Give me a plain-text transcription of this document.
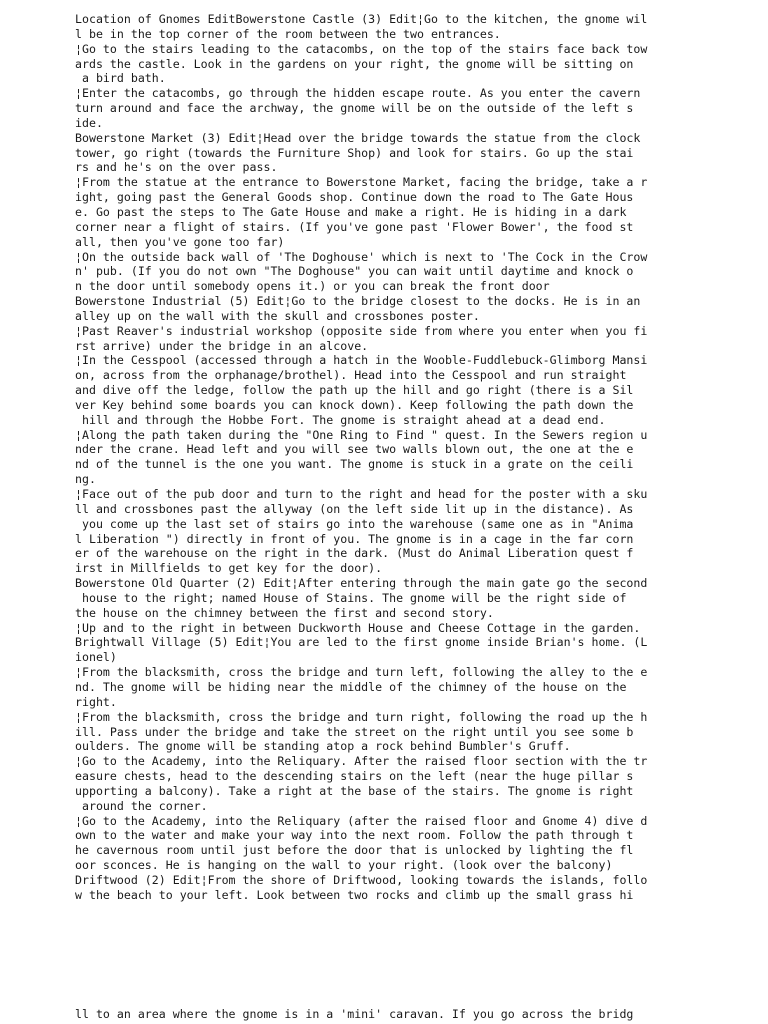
Location of Gnomes EditBowerstone Castle (3) Edit¦Go to the kitchen, the gnome wil
l be in the top corner of the room between the two entrances.
¦Go to the stairs leading to the catacombs, on the top of the stairs face back tow
ards the castle. Look in the gardens on your right, the gnome will be sitting on
a bird bath.
¦Enter the catacombs, go through the hidden escape route. As you enter the cavern
turn around and face the archway, the gnome will be on the outside of the left s
ide.
Bowerstone Market (3) Edit¦Head over the bridge towards the statue from the clock
tower, go right (towards the Furniture Shop) and look for stairs. Go up the stai
rs and he's on the over pass.
¦From the statue at the entrance to Bowerstone Market, facing the bridge, take a r
ight, going past the General Goods shop. Continue down the road to The Gate Hous
e. Go past the steps to The Gate House and make a right. He is hiding in a dark
corner near a flight of stairs. (If you've gone past 'Flower Bower', the food st
all, then you've gone too far)
¦On the outside back wall of 'The Doghouse' which is next to 'The Cock in the Crow
n' pub. (If you do not own "The Doghouse" you can wait until daytime and knock o
n the door until somebody opens it.) or you can break the front door
Bowerstone Industrial (5) Edit¦Go to the bridge closest to the docks. He is in an
alley up on the wall with the skull and crossbones poster.
¦Past Reaver's industrial workshop (opposite side from where you enter when you fi
rst arrive) under the bridge in an alcove.
¦In the Cesspool (accessed through a hatch in the Wooble-Fuddlebuck-Glimborg Mansi
on, across from the orphanage/brothel). Head into the Cesspool and run straight
and dive off the ledge, follow the path up the hill and go right (there is a Sil
ver Key behind some boards you can knock down). Keep following the path down the
hill and through the Hobbe Fort. The gnome is straight ahead at a dead end.
¦Along the path taken during the "One Ring to Find " quest. In the Sewers region u
nder the crane. Head left and you will see two walls blown out, the one at the e
nd of the tunnel is the one you want. The gnome is stuck in a grate on the ceili
ng.
¦Face out of the pub door and turn to the right and head for the poster with a sku
ll and crossbones past the allyway (on the left side lit up in the distance). As
you come up the last set of stairs go into the warehouse (same one as in "Anima
l Liberation ") directly in front of you. The gnome is in a cage in the far corn
er of the warehouse on the right in the dark. (Must do Animal Liberation quest f
irst in Millfields to get key for the door).
Bowerstone Old Quarter (2) Edit¦After entering through the main gate go the second
house to the right; named House of Stains. The gnome will be the right side of
the house on the chimney between the first and second story.
¦Up and to the right in between Duckworth House and Cheese Cottage in the garden.
Brightwall Village (5) Edit¦You are led to the first gnome inside Brian's home. (L
ionel)
¦From the blacksmith, cross the bridge and turn left, following the alley to the e
nd. The gnome will be hiding near the middle of the chimney of the house on the
right.
¦From the blacksmith, cross the bridge and turn right, following the road up the h
ill. Pass under the bridge and take the street on the right until you see some b
oulders. The gnome will be standing atop a rock behind Bumbler's Gruff.
¦Go to the Academy, into the Reliquary. After the raised floor section with the tr
easure chests, head to the descending stairs on the left (near the huge pillar s
upporting a balcony). Take a right at the base of the stairs. The gnome is right
around the corner.
¦Go to the Academy, into the Reliquary (after the raised floor and Gnome 4) dive d
own to the water and make your way into the next room. Follow the path through t
he cavernous room until just before the door that is unlocked by lighting the fl
oor sconces. He is hanging on the wall to your right. (look over the balcony)
Driftwood (2) Edit¦From the shore of Driftwood, looking towards the islands, follo
w the beach to your left. Look between two rocks and climb up the small grass hi

ll to an area where the gnome is in a 'mini' caravan. If you go across the bridg
